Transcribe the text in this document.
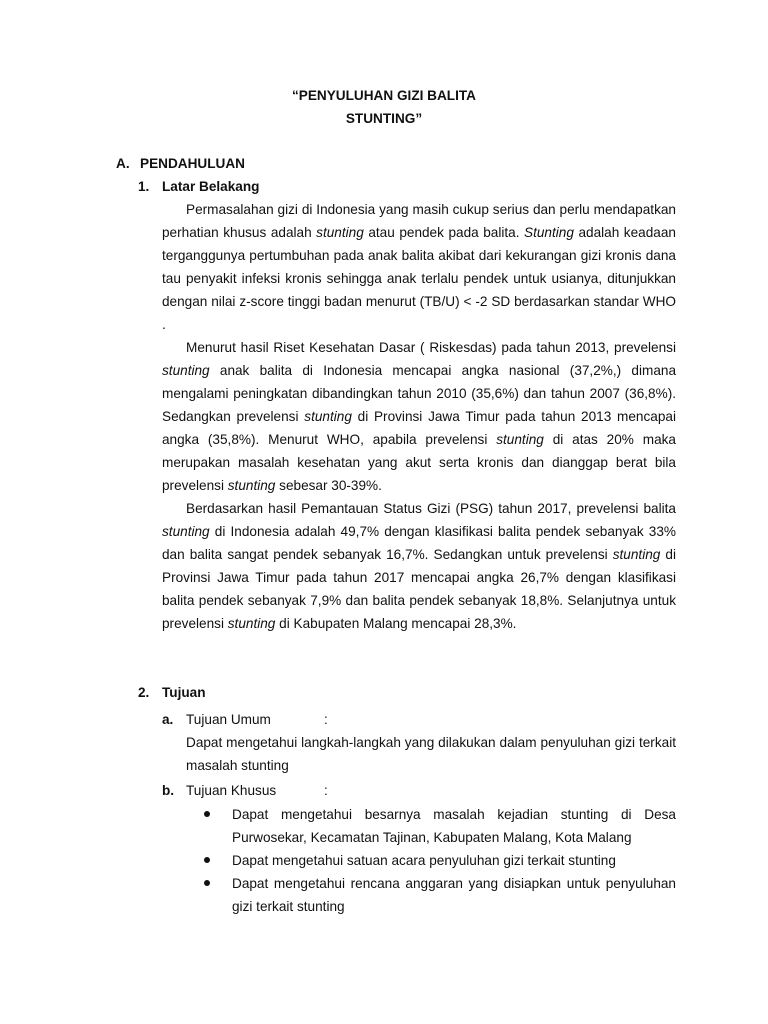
“PENYULUHAN GIZI BALITA
STUNTING”
A. PENDAHULUAN
1. Latar Belakang

Permasalahan gizi di Indonesia yang masih cukup serius dan perlu mendapatkan perhatian khusus adalah stunting atau pendek pada balita. Stunting adalah keadaan terganggunya pertumbuhan pada anak balita akibat dari kekurangan gizi kronis dana tau penyakit infeksi kronis sehingga anak terlalu pendek untuk usianya, ditunjukkan dengan nilai z-score tinggi badan menurut (TB/U) < -2 SD berdasarkan standar WHO .

Menurut hasil Riset Kesehatan Dasar ( Riskesdas) pada tahun 2013, prevelensi stunting anak balita di Indonesia mencapai angka nasional (37,2%,) dimana mengalami peningkatan dibandingkan tahun 2010 (35,6%) dan tahun 2007 (36,8%). Sedangkan prevelensi stunting di Provinsi Jawa Timur pada tahun 2013 mencapai angka (35,8%). Menurut WHO, apabila prevelensi stunting di atas 20% maka merupakan masalah kesehatan yang akut serta kronis dan dianggap berat bila prevelensi stunting sebesar 30-39%.

Berdasarkan hasil Pemantauan Status Gizi (PSG) tahun 2017, prevelensi balita stunting di Indonesia adalah 49,7% dengan klasifikasi balita pendek sebanyak 33% dan balita sangat pendek sebanyak 16,7%. Sedangkan untuk prevelensi stunting di Provinsi Jawa Timur pada tahun 2017 mencapai angka 26,7% dengan klasifikasi balita pendek sebanyak 7,9% dan balita pendek sebanyak 18,8%. Selanjutnya untuk prevelensi stunting di Kabupaten Malang mencapai 28,3%.

2. Tujuan
a. Tujuan Umum	:
Dapat mengetahui langkah-langkah yang dilakukan dalam penyuluhan gizi terkait masalah stunting
b. Tujuan Khusus	:
Dapat mengetahui besarnya masalah kejadian stunting di Desa Purwosekar, Kecamatan Tajinan, Kabupaten Malang, Kota Malang
Dapat mengetahui satuan acara penyuluhan gizi terkait stunting
Dapat mengetahui rencana anggaran yang disiapkan untuk penyuluhan gizi terkait stunting
